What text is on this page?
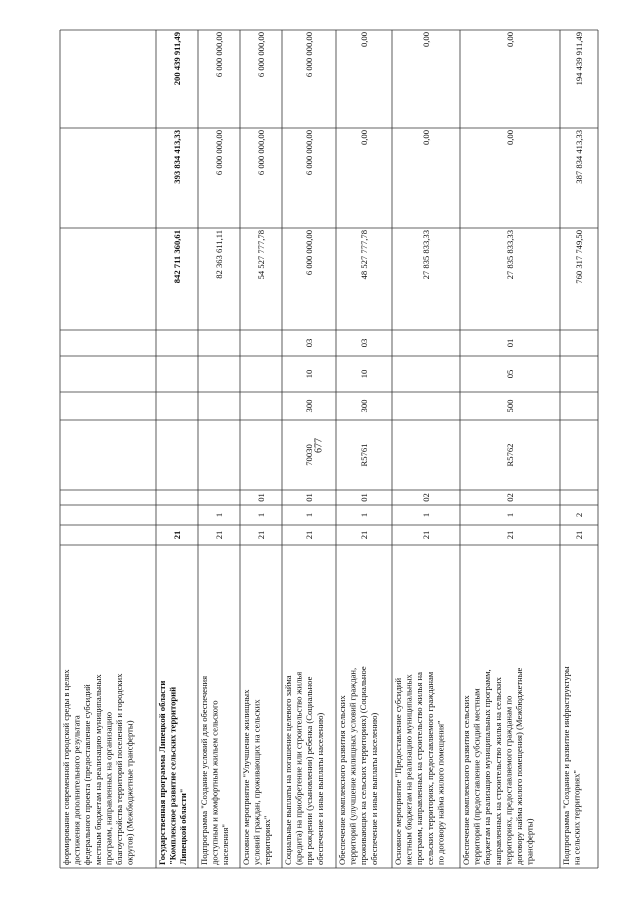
677
формирование современной городской среды в целях достижения дополнительного результата федерального проекта (предоставление субсидий местным бюджетам на реализацию муниципальных программ, направленных на организацию благоустройства территорий поселений и городских округов) (Межбюджетные трансферты)	Государственная программа Липецкой области "Комплексное развитие сельских территорий Липецкой области"
21
842 711 360,61
393 834 413,33
200 439 911,49
Подпрограмма "Создание условий для обеспечения доступным и комфортным жильем сельского населения"
21
1
82 363 611,11
6 000 000,00
6 000 000,00
Основное мероприятие "Улучшение жилищных условий граждан, проживающих на сельских территориях"
21
1
01
54 527 777,78
6 000 000,00
6 000 000,00
Социальные выплаты на погашение целевого займа (кредита) на приобретение или строительство жилья при рождении (усыновлении) ребенка (Социальное обеспечение и иные выплаты населению)
21
1
01
70030
300
10
03
6 000 000,00
6 000 000,00
6 000 000,00
Обеспечение комплексного развития сельских территорий (улучшение жилищных условий граждан, проживающих на сельских территориях) (Социальное обеспечение и иные выплаты населению)
21
1
01
R5761
300
10
03
48 527 777,78
0,00
0,00
Основное мероприятие "Предоставление субсидий местным бюджетам на реализацию муниципальных программ, направленных на строительство жилья на сельских территориях, предоставляемого гражданам по договору найма жилого помещения"
21
1
02
27 835 833,33
0,00
0,00
Обеспечение комплексного развития сельских территорий (предоставление субсидий местным бюджетам на реализацию муниципальных программ, направленных на строительство жилья на сельских территориях, предоставляемого гражданам по договору найма жилого помещения) (Межбюджетные трансферты)
21
1
02
R5762
500
05
01
27 835 833,33
0,00
0,00
Подпрограмма "Создание и развитие инфраструктуры на сельских территориях"
21
2
760 317 749,50
387 834 413,33
194 439 911,49
